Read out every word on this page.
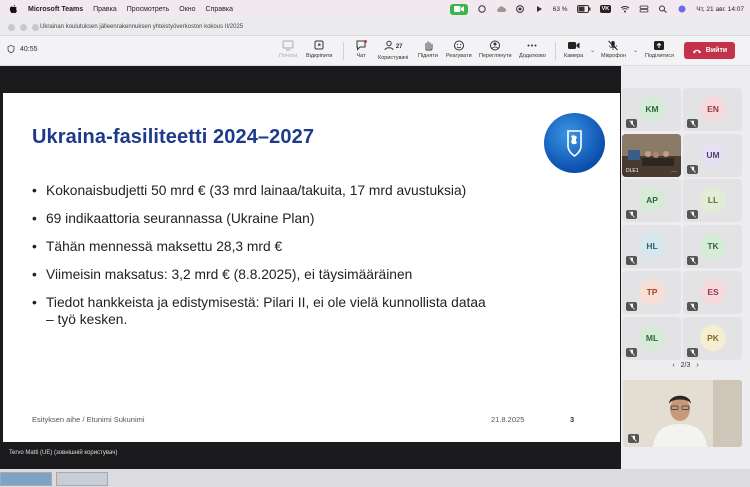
Microsoft Teams Правка Просмотреть Окно Справка	63 %	VK	Чт, 21 авг. 14:07
Ukrainan koulutuksen jälleenrakennuksen yhteistyöverkoston kokous II/2025
40:55
Почати Відкріпити	Чат
27
Користувачі Підняти Реагувати Переглянути Додатково	Камера
⌄
Мікрофон
⌄
Поділитися
Вийти
Ukraina-fasiliteetti 2024–2027
• Kokonaisbudjetti 50 mrd € (33 mrd lainaa/takuita, 17 mrd avustuksia)
• 69 indikaattoria seurannassa (Ukraine Plan)
• Tähän mennessä maksettu 28,3 mrd €
• Viimeisin maksatus: 3,2 mrd € (8.8.2025), ei täysimääräinen
• Tiedot hankkeista ja edistymisestä: Pilari II, ei ole vielä kunnollista dataa – työ kesken.
Esityksen aihe / Etunimi Sukunimi	21.8.2025	3
Tervo Matti (UE) (зовнішній користувач)
KM	EN
DLE1	···
UM
AP	LL
HL	TK
TP	ES
ML	PK
‹ 2/3 ›
